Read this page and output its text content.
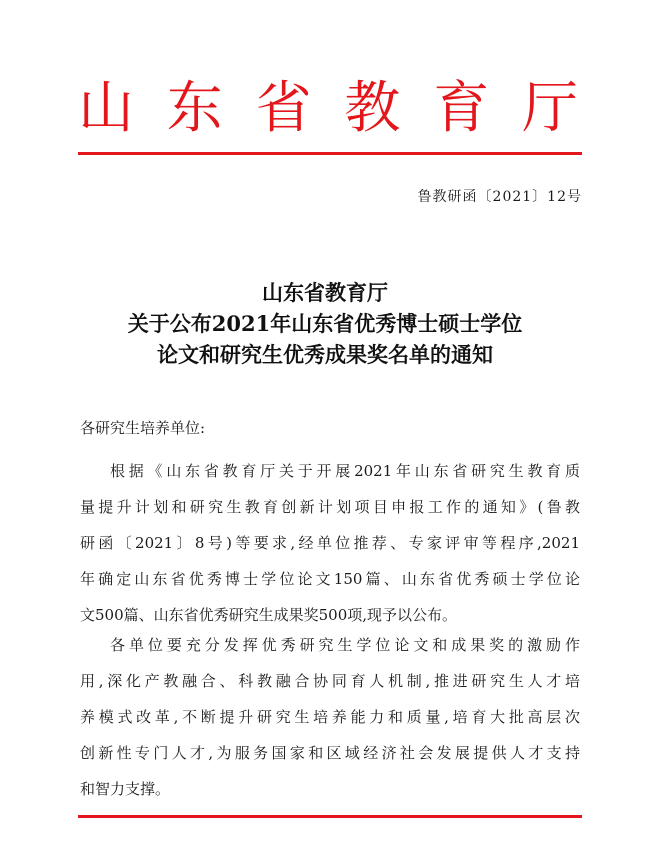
山 东 省 教 育 厅
鲁教研函〔2021〕12号
山东省教育厅
关于公布2021年山东省优秀博士硕士学位
论文和研究生优秀成果奖名单的通知
各研究生培养单位:
根据《山东省教育厅关于开展2021年山东省研究生教育质
量提升计划和研究生教育创新计划项目申报工作的通知》(鲁教
研函〔2021〕8号)等要求,经单位推荐、专家评审等程序,2021
年确定山东省优秀博士学位论文150篇、山东省优秀硕士学位论
文500篇、山东省优秀研究生成果奖500项,现予以公布。
各单位要充分发挥优秀研究生学位论文和成果奖的激励作
用,深化产教融合、科教融合协同育人机制,推进研究生人才培
养模式改革,不断提升研究生培养能力和质量,培育大批高层次
创新性专门人才,为服务国家和区域经济社会发展提供人才支持
和智力支撑。
